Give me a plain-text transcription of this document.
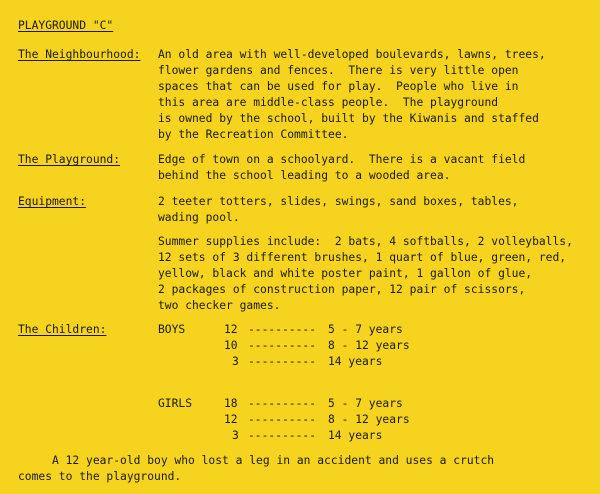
PLAYGROUND "C"
The Neighbourhood: An old area with well-developed boulevards, lawns, trees,
flower gardens and fences.  There is very little open
spaces that can be used for play.  People who live in
this area are middle-class people.  The playground
is owned by the school, built by the Kiwanis and staffed
by the Recreation Committee.
The Playground:	Edge of town on a schoolyard.  There is a vacant field
behind the school leading to a wooded area.
Equipment:	2 teeter totters, slides, swings, sand boxes, tables,
wading pool.
Summer supplies include:  2 bats, 4 softballs, 2 volleyballs,
12 sets of 3 different brushes, 1 quart of blue, green, red,
yellow, black and white poster paint, 1 gallon of glue,
2 packages of construction paper, 12 pair of scissors,
two checker games.
The Children:	BOYS	12 ---------- 5 - 7 years
10 ---------- 8 - 12 years
3 ---------- 14 years
GIRLS	18 ---------- 5 - 7 years
12 ---------- 8 - 12 years
3 ---------- 14 years
A 12 year-old boy who lost a leg in an accident and uses a crutch
comes to the playground.
